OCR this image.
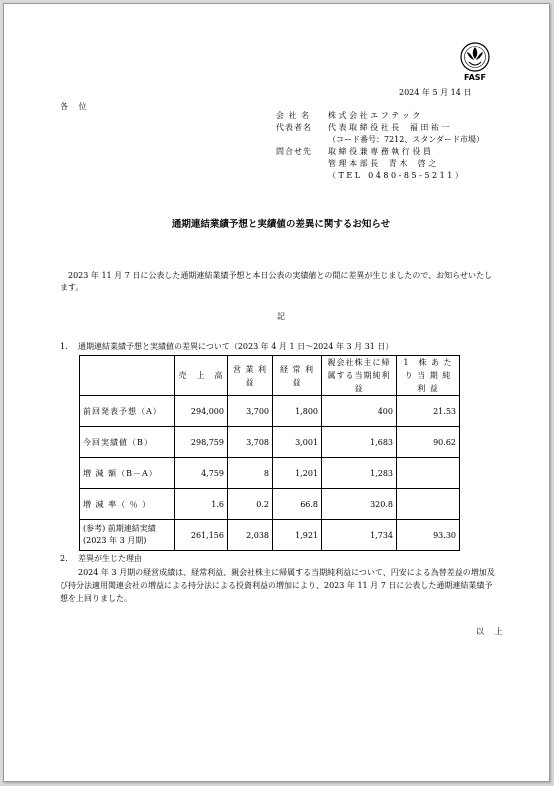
FASF
2024 年 5 月 14 日
各 位
会 社 名	株 式 会 社 エ フ テ ッ ク
代表者名	代 表 取 締 役 社 長　 福 田 祐 一
（コード番号：7212、スタンダード市場）
問合せ先	取 締 役 兼 専 務 執 行 役 員
管 理 本 部 長　 青 木　 啓 之
（ T E L　0 4 8 0 - 8 5 - 5 2 1 1 ）
通期連結業績予想と実績値の差異に関するお知らせ
2023 年 11 月 7 日に公表した通期連結業績予想と本日公表の実績値との間に差異が生じましたので、お知らせいたします。
記
1. 通期連結業績予想と実績値の差異について（2023 年 4 月 1 日～2024 年 3 月 31 日）
	売　上　高	営 業 利 益	経 常 利 益	親会社株主に帰属する当期純利益	1　株 あ た り 当 期 純 利 益
前回発表予想（A）	294,000	3,700	1,800	400	21.53
今回実績値（B）	298,759	3,708	3,001	1,683	90.62
増 減 額（B－A）	4,759	8	1,201	1,283	
増 減 率（ ％ ）	1.6	0.2	66.8	320.8	
(参考) 前期連結実績 (2023 年 3 月期)	261,156	2,038	1,921	1,734	93.30
2. 差異が生じた理由
2024 年 3 月期の経営成績は、経常利益、親会社株主に帰属する当期純利益について、円安による為替差益の増加及び持分法適用関連会社の増益による持分法による投資利益の増加により、2023 年 11 月 7 日に公表した通期連結業績予想を上回りました。
以 上
